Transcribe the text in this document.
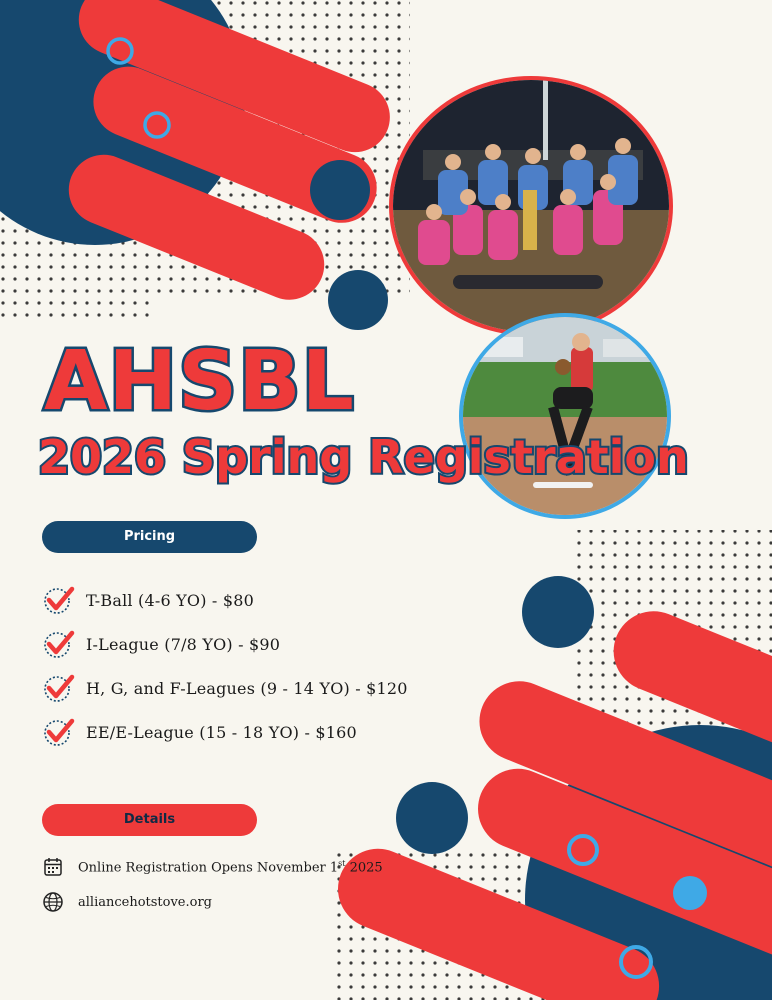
AHSBL
2026 Spring Registration
Pricing
T-Ball (4-6 YO) - $80
I-League (7/8 YO) - $90
H, G, and F-Leagues (9 - 14 YO) - $120
EE/E-League (15 - 18 YO) - $160
Details
Online Registration Opens November 1st 2025
alliancehotstove.org
